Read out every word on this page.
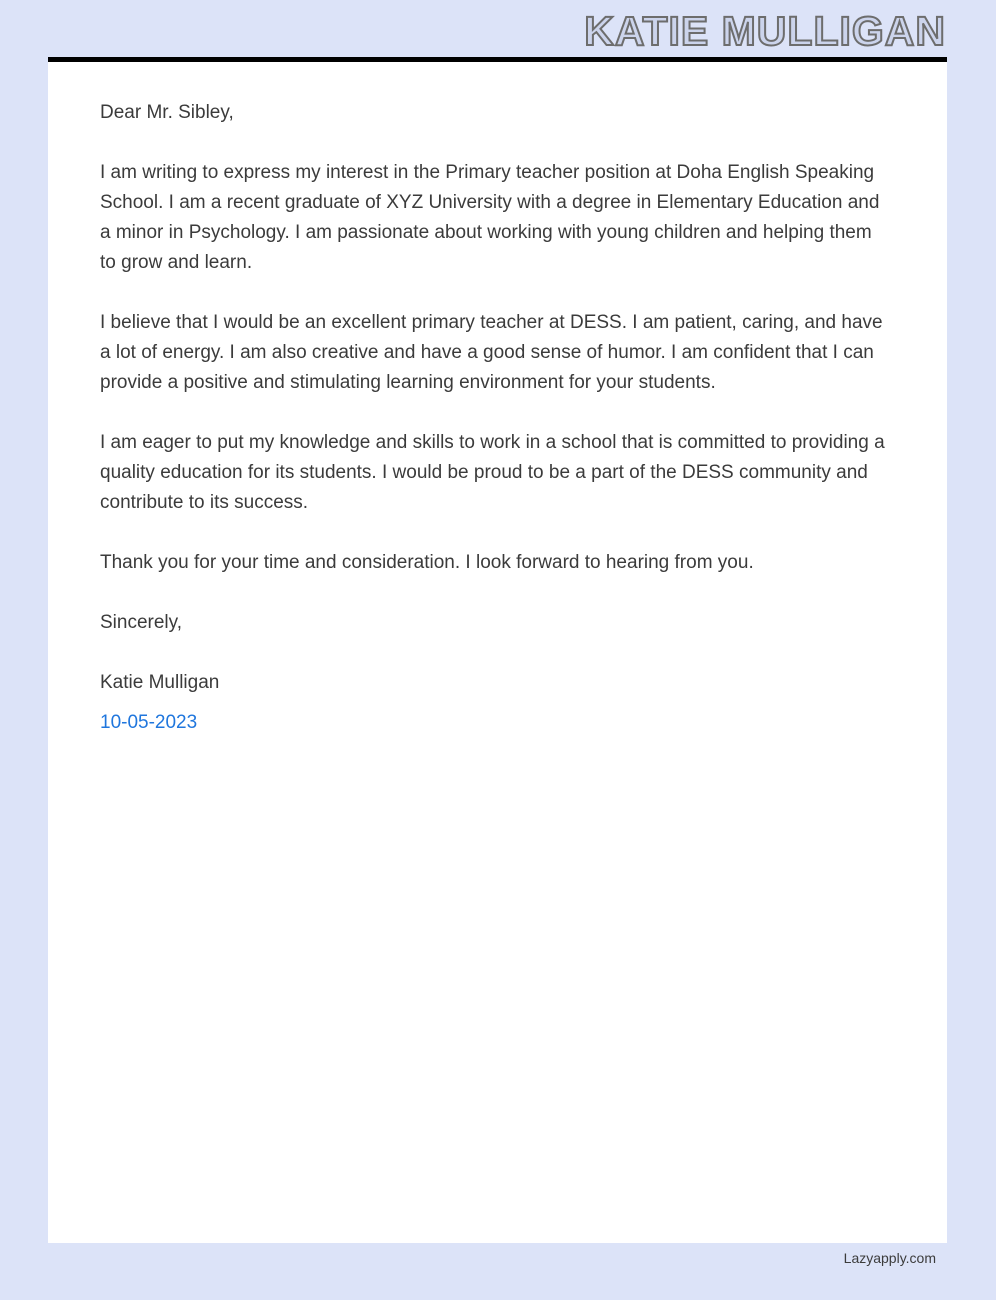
KATIE MULLIGAN

Dear Mr. Sibley,

I am writing to express my interest in the Primary teacher position at Doha English Speaking School. I am a recent graduate of XYZ University with a degree in Elementary Education and a minor in Psychology. I am passionate about working with young children and helping them to grow and learn.

I believe that I would be an excellent primary teacher at DESS. I am patient, caring, and have a lot of energy. I am also creative and have a good sense of humor. I am confident that I can provide a positive and stimulating learning environment for your students.

I am eager to put my knowledge and skills to work in a school that is committed to providing a quality education for its students. I would be proud to be a part of the DESS community and contribute to its success.

Thank you for your time and consideration. I look forward to hearing from you.

Sincerely,

Katie Mulligan

10-05-2023
Lazyapply.com
